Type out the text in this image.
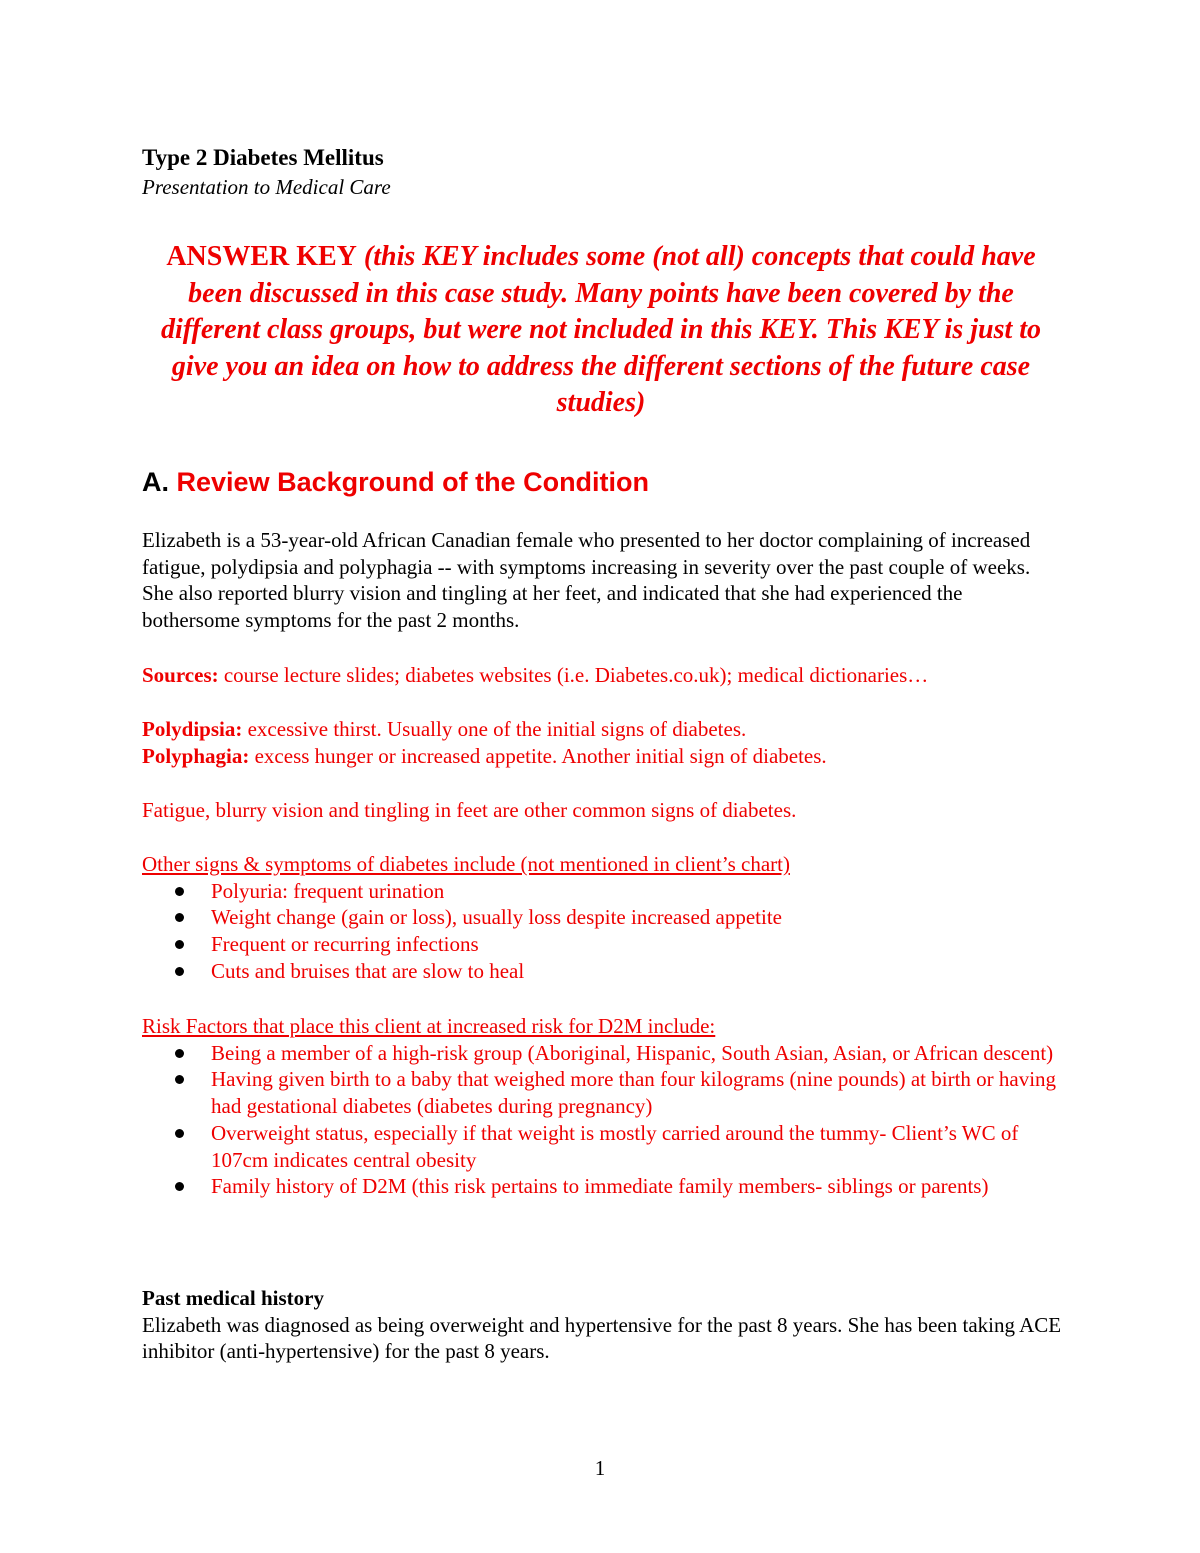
Type 2 Diabetes Mellitus

Presentation to Medical Care

ANSWER KEY (this KEY includes some (not all) concepts that could have been discussed in this case study. Many points have been covered by the different class groups, but were not included in this KEY. This KEY is just to give you an idea on how to address the different sections of the future case studies)

A. Review Background of the Condition

Elizabeth is a 53-year-old African Canadian female who presented to her doctor complaining of increased fatigue, polydipsia and polyphagia -- with symptoms increasing in severity over the past couple of weeks. She also reported blurry vision and tingling at her feet, and indicated that she had experienced the bothersome symptoms for the past 2 months.

Sources: course lecture slides; diabetes websites (i.e. Diabetes.co.uk); medical dictionaries…

Polydipsia: excessive thirst. Usually one of the initial signs of diabetes.

Polyphagia: excess hunger or increased appetite. Another initial sign of diabetes.

Fatigue, blurry vision and tingling in feet are other common signs of diabetes.

Other signs & symptoms of diabetes include (not mentioned in client’s chart)

Polyuria: frequent urination
Weight change (gain or loss), usually loss despite increased appetite
Frequent or recurring infections
Cuts and bruises that are slow to heal

Risk Factors that place this client at increased risk for D2M include:

Being a member of a high-risk group (Aboriginal, Hispanic, South Asian, Asian, or African descent)
Having given birth to a baby that weighed more than four kilograms (nine pounds) at birth or having had gestational diabetes (diabetes during pregnancy)
Overweight status, especially if that weight is mostly carried around the tummy- Client’s WC of 107cm indicates central obesity
Family history of D2M (this risk pertains to immediate family members- siblings or parents)

Past medical history

Elizabeth was diagnosed as being overweight and hypertensive for the past 8 years. She has been taking ACE inhibitor (anti-hypertensive) for the past 8 years.

1
